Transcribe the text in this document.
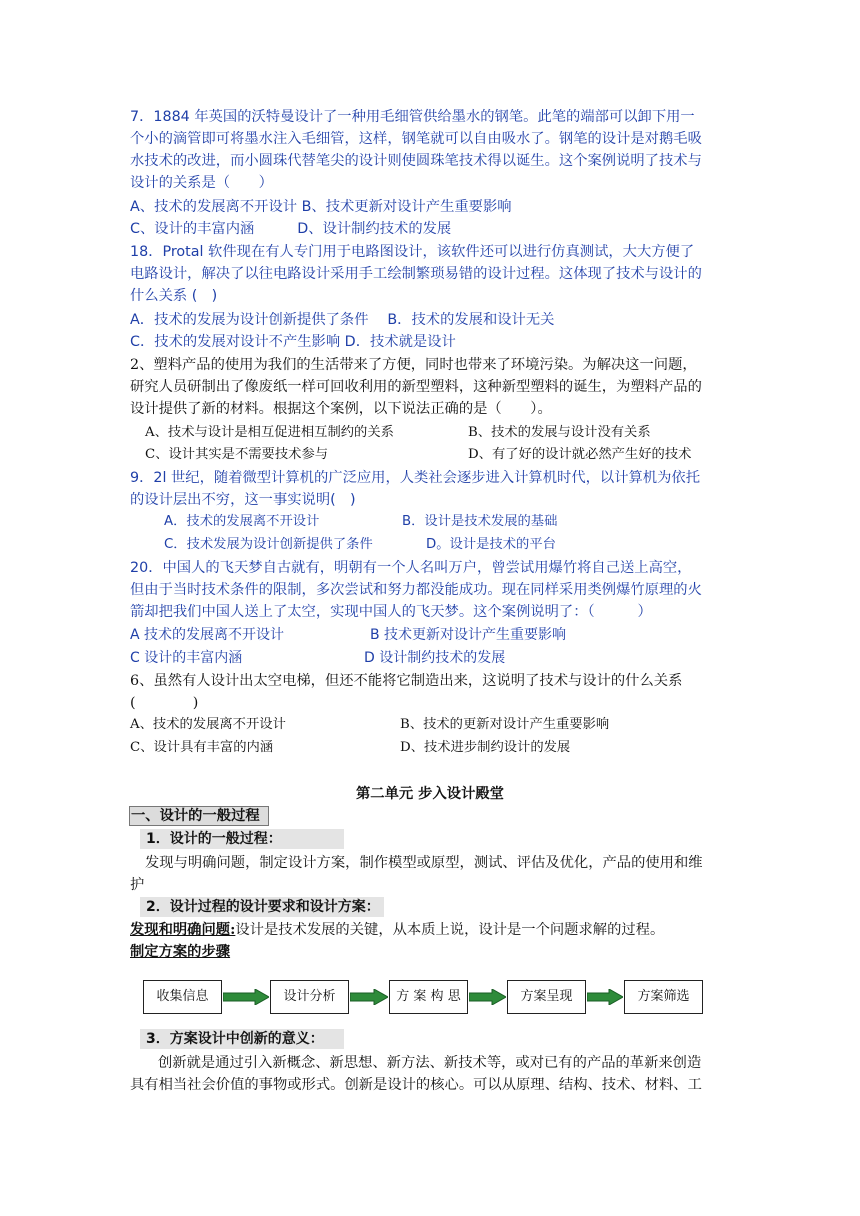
7．1884 年英国的沃特曼设计了一种用毛细管供给墨水的钢笔。此笔的端部可以卸下用一
个小的滴管即可将墨水注入毛细管，这样，钢笔就可以自由吸水了。钢笔的设计是对鹅毛吸
水技术的改进，而小圆珠代替笔尖的设计则使圆珠笔技术得以诞生。这个案例说明了技术与
设计的关系是（　　）
A、技术的发展离不开设计 B、技术更新对设计产生重要影响
C、设计的丰富内涵　　　D、设计制约技术的发展
18．Protal 软件现在有人专门用于电路图设计，该软件还可以进行仿真测试，大大方便了
电路设计，解决了以往电路设计采用手工绘制繁琐易错的设计过程。这体现了技术与设计的
什么关系 (　)
A．技术的发展为设计创新提供了条件　 B．技术的发展和设计无关
C．技术的发展对设计不产生影响 D．技术就是设计
2、塑料产品的使用为我们的生活带来了方便，同时也带来了环境污染。为解决这一问题，
研究人员研制出了像废纸一样可回收利用的新型塑料，这种新型塑料的诞生，为塑料产品的
设计提供了新的材料。根据这个案例，以下说法正确的是（　　）。
A、技术与设计是相互促进相互制约的关系	B、技术的发展与设计没有关系
C、设计其实是不需要技术参与	D、有了好的设计就必然产生好的技术
9．2l 世纪，随着微型计算机的广泛应用，人类社会逐步进入计算机时代，以计算机为依托
的设计层出不穷，这一事实说明(　)
A．技术的发展离不开设计	B．设计是技术发展的基础
C．技术发展为设计创新提供了条件	D。设计是技术的平台
20．中国人的飞天梦自古就有，明朝有一个人名叫万户，曾尝试用爆竹将自己送上高空，
但由于当时技术条件的限制，多次尝试和努力都没能成功。现在同样采用类例爆竹原理的火
箭却把我们中国人送上了太空，实现中国人的飞天梦。这个案例说明了：（　　　）
A 技术的发展离不开设计	B 技术更新对设计产生重要影响
C 设计的丰富内涵	D 设计制约技术的发展
6、虽然有人设计出太空电梯，但还不能将它制造出来，这说明了技术与设计的什么关系
(　　　　)
A、技术的发展离不开设计	B、技术的更新对设计产生重要影响
C、设计具有丰富的内涵	D、技术进步制约设计的发展
第二单元 步入设计殿堂
一、设计的一般过程
1．设计的一般过程：
发现与明确问题，制定设计方案，制作模型或原型，测试、评估及优化，产品的使用和维
护
2．设计过程的设计要求和设计方案：
发现和明确问题:设计是技术发展的关键，从本质上说，设计是一个问题求解的过程。
制定方案的步骤
收集信息	设计分析	方 案 构 思	方案呈现	方案筛选
3．方案设计中创新的意义：
创新就是通过引入新概念、新思想、新方法、新技术等，或对已有的产品的革新来创造
具有相当社会价值的事物或形式。创新是设计的核心。可以从原理、结构、技术、材料、工
